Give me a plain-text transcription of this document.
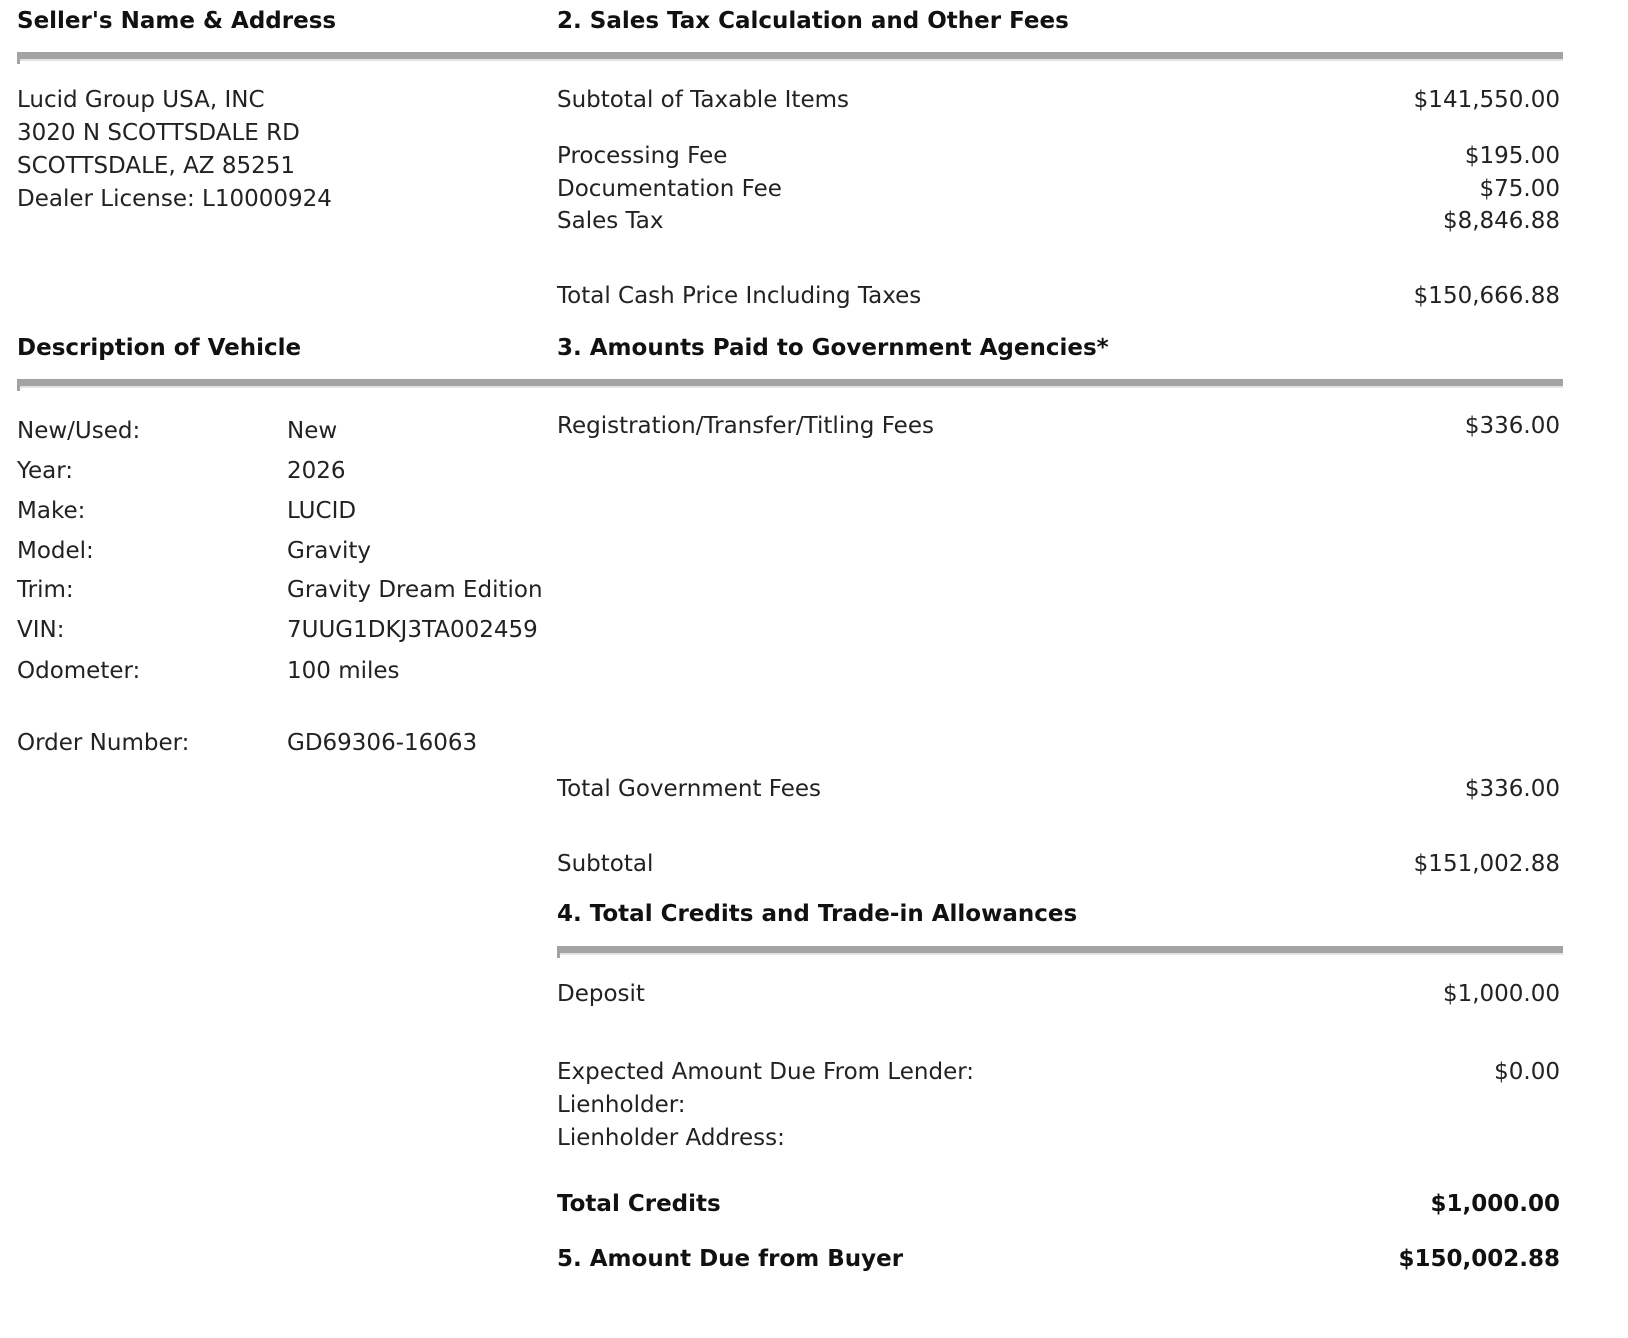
Seller's Name & Address
Lucid Group USA, INC
3020 N SCOTTSDALE RD
SCOTTSDALE, AZ 85251
Dealer License: L10000924
2. Sales Tax Calculation and Other Fees
Subtotal of Taxable Items	$141,550.00
Processing Fee	$195.00
Documentation Fee	$75.00
Sales Tax	$8,846.88
Total Cash Price Including Taxes	$150,666.88
Description of Vehicle	3. Amounts Paid to Government Agencies*
New/Used:	New
Year:	2026
Make:	LUCID
Model:	Gravity
Trim:	Gravity Dream Edition
VIN:	7UUG1DKJ3TA002459
Odometer:	100 miles
Order Number:	GD69306-16063
Registration/Transfer/Titling Fees	$336.00
Total Government Fees	$336.00
Subtotal	$151,002.88
4. Total Credits and Trade-in Allowances
Deposit	$1,000.00
Expected Amount Due From Lender:	$0.00
Lienholder:
Lienholder Address:
Total Credits	$1,000.00
5. Amount Due from Buyer	$150,002.88
